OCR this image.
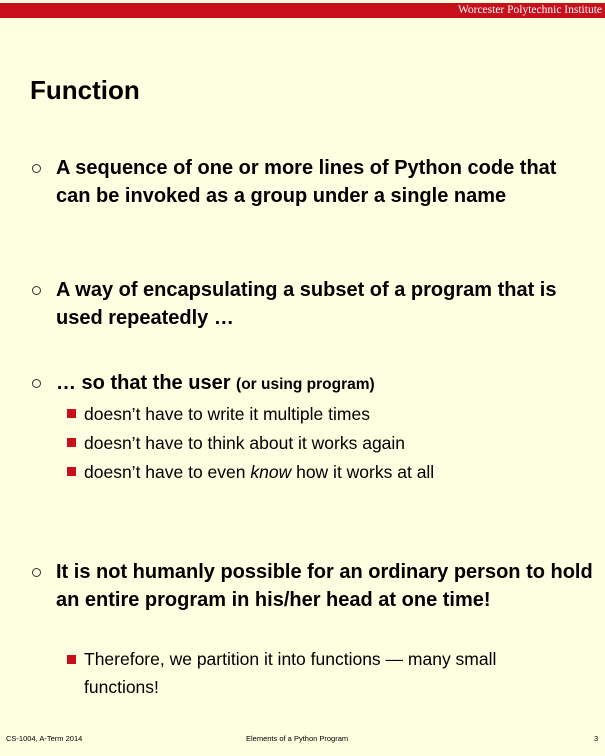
Worcester Polytechnic Institute
Function
A sequence of one or more lines of Python code that can be invoked as a group under a single name
A way of encapsulating a subset of a program that is used repeatedly …
… so that the user (or using program)
doesn’t have to write it multiple times
doesn’t have to think about it works again
doesn’t have to even know how it works at all
It is not humanly possible for an ordinary person to hold an entire program in his/her head at one time!
Therefore, we partition it into functions — many small functions!
CS-1004, A-Term 2014	Elements of a Python Program	3
